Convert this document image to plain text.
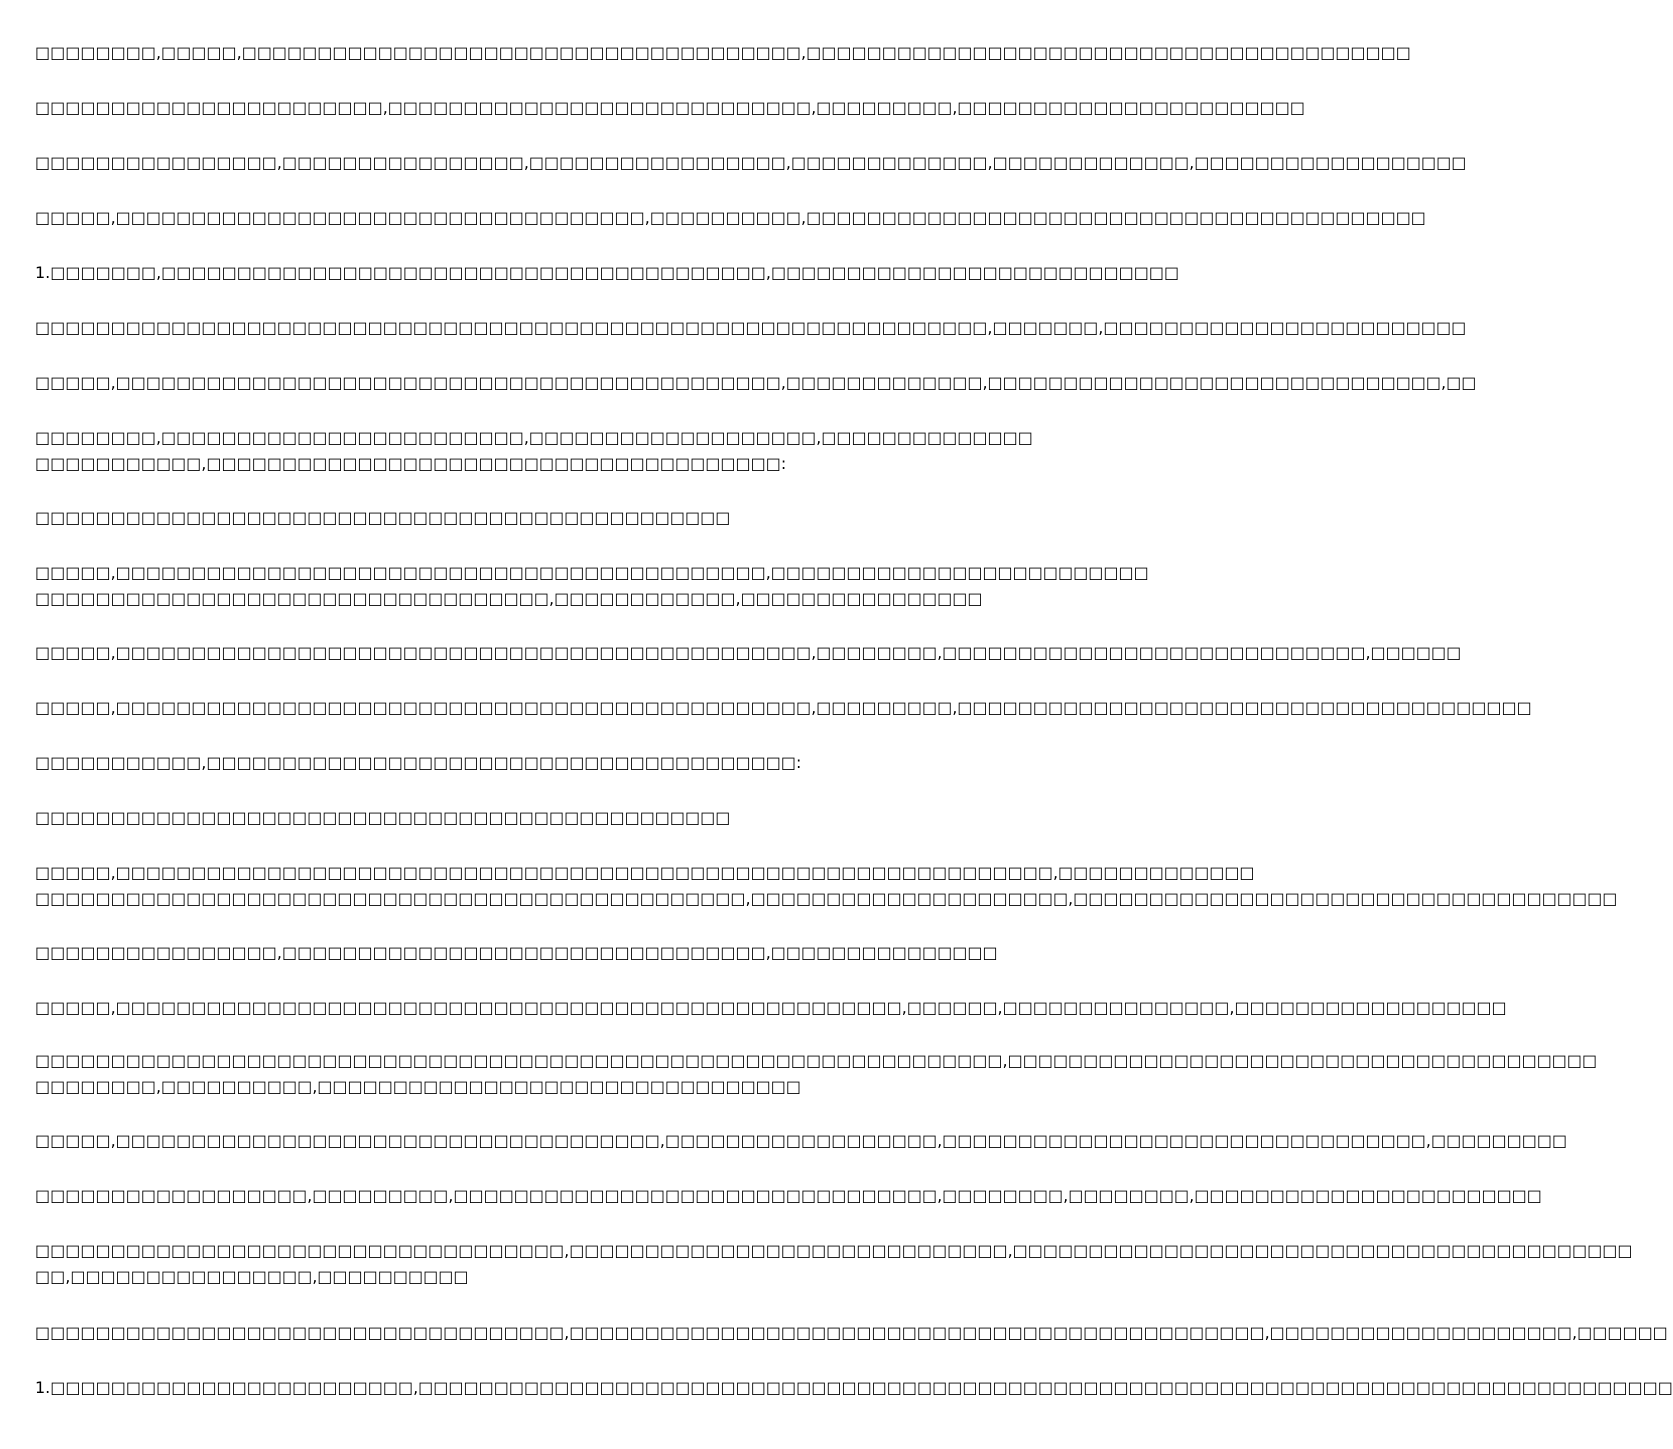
□□□□□□□□,□□□□□,□□□□□□□□□□□□□□□□□□□□□□□□□□□□□□□□□□□□□,□□□□□□□□□□□□□□□□□□□□□□□□□□□□□□□□□□□□□□□□
□□□□□□□□□□□□□□□□□□□□□□□,□□□□□□□□□□□□□□□□□□□□□□□□□□□□,□□□□□□□□□,□□□□□□□□□□□□□□□□□□□□□□□
□□□□□□□□□□□□□□□□,□□□□□□□□□□□□□□□□,□□□□□□□□□□□□□□□□□,□□□□□□□□□□□□□,□□□□□□□□□□□□□,□□□□□□□□□□□□□□□□□□
□□□□□,□□□□□□□□□□□□□□□□□□□□□□□□□□□□□□□□□□□,□□□□□□□□□□,□□□□□□□□□□□□□□□□□□□□□□□□□□□□□□□□□□□□□□□□□
1.□□□□□□□,□□□□□□□□□□□□□□□□□□□□□□□□□□□□□□□□□□□□□□□□,□□□□□□□□□□□□□□□□□□□□□□□□□□□
□□□□□□□□□□□□□□□□□□□□□□□□□□□□□□□□□□□□□□□□□□□□□□□□□□□□□□□□□□□□□□□,□□□□□□□,□□□□□□□□□□□□□□□□□□□□□□□□
□□□□□,□□□□□□□□□□□□□□□□□□□□□□□□□□□□□□□□□□□□□□□□□□□□,□□□□□□□□□□□□□,□□□□□□□□□□□□□□□□□□□□□□□□□□□□□□,□□
□□□□□□□□,□□□□□□□□□□□□□□□□□□□□□□□□,□□□□□□□□□□□□□□□□□□□,□□□□□□□□□□□□□□
□□□□□□□□□□□,□□□□□□□□□□□□□□□□□□□□□□□□□□□□□□□□□□□□□□:
□□□□□□□□□□□□□□□□□□□□□□□□□□□□□□□□□□□□□□□□□□□□□□
□□□□□,□□□□□□□□□□□□□□□□□□□□□□□□□□□□□□□□□□□□□□□□□□□,□□□□□□□□□□□□□□□□□□□□□□□□□
□□□□□□□□□□□□□□□□□□□□□□□□□□□□□□□□□□,□□□□□□□□□□□□,□□□□□□□□□□□□□□□□
□□□□□,□□□□□□□□□□□□□□□□□□□□□□□□□□□□□□□□□□□□□□□□□□□□□□,□□□□□□□□,□□□□□□□□□□□□□□□□□□□□□□□□□□□□,□□□□□□
□□□□□,□□□□□□□□□□□□□□□□□□□□□□□□□□□□□□□□□□□□□□□□□□□□□□,□□□□□□□□□,□□□□□□□□□□□□□□□□□□□□□□□□□□□□□□□□□□□□□□
□□□□□□□□□□□,□□□□□□□□□□□□□□□□□□□□□□□□□□□□□□□□□□□□□□□:
□□□□□□□□□□□□□□□□□□□□□□□□□□□□□□□□□□□□□□□□□□□□□□
□□□□□,□□□□□□□□□□□□□□□□□□□□□□□□□□□□□□□□□□□□□□□□□□□□□□□□□□□□□□□□□□□□□□,□□□□□□□□□□□□□
□□□□□□□□□□□□□□□□□□□□□□□□□□□□□□□□□□□□□□□□□□□□□□□,□□□□□□□□□□□□□□□□□□□□□,□□□□□□□□□□□□□□□□□□□□□□□□□□□□□□□□□□□□
□□□□□□□□□□□□□□□□,□□□□□□□□□□□□□□□□□□□□□□□□□□□□□□□□,□□□□□□□□□□□□□□□
□□□□□,□□□□□□□□□□□□□□□□□□□□□□□□□□□□□□□□□□□□□□□□□□□□□□□□□□□□,□□□□□□,□□□□□□□□□□□□□□□,□□□□□□□□□□□□□□□□□□
□□□□□□□□□□□□□□□□□□□□□□□□□□□□□□□□□□□□□□□□□□□□□□□□□□□□□□□□□□□□□□□□,□□□□□□□□□□□□□□□□□□□□□□□□□□□□□□□□□□□□□□□
□□□□□□□□,□□□□□□□□□□,□□□□□□□□□□□□□□□□□□□□□□□□□□□□□□□□
□□□□□,□□□□□□□□□□□□□□□□□□□□□□□□□□□□□□□□□□□□,□□□□□□□□□□□□□□□□□□,□□□□□□□□□□□□□□□□□□□□□□□□□□□□□□□□,□□□□□□□□□
□□□□□□□□□□□□□□□□□□,□□□□□□□□□,□□□□□□□□□□□□□□□□□□□□□□□□□□□□□□□□,□□□□□□□□,□□□□□□□□,□□□□□□□□□□□□□□□□□□□□□□□
□□□□□□□□□□□□□□□□□□□□□□□□□□□□□□□□□□□,□□□□□□□□□□□□□□□□□□□□□□□□□□□□□,□□□□□□□□□□□□□□□□□□□□□□□□□□□□□□□□□□□□□□□□□
□□,□□□□□□□□□□□□□□□□,□□□□□□□□□□
□□□□□□□□□□□□□□□□□□□□□□□□□□□□□□□□□□□,□□□□□□□□□□□□□□□□□□□□□□□□□□□□□□□□□□□□□□□□□□□□□□,□□□□□□□□□□□□□□□□□□□□,□□□□□□
1.□□□□□□□□□□□□□□□□□□□□□□□□,□□□□□□□□□□□□□□□□□□□□□□□□□□□□□□□□□□□□□□□□□□□□□□□□□□□□□□□□□□□□□□□□□□□□□□□□□□□□□□□□□□□
